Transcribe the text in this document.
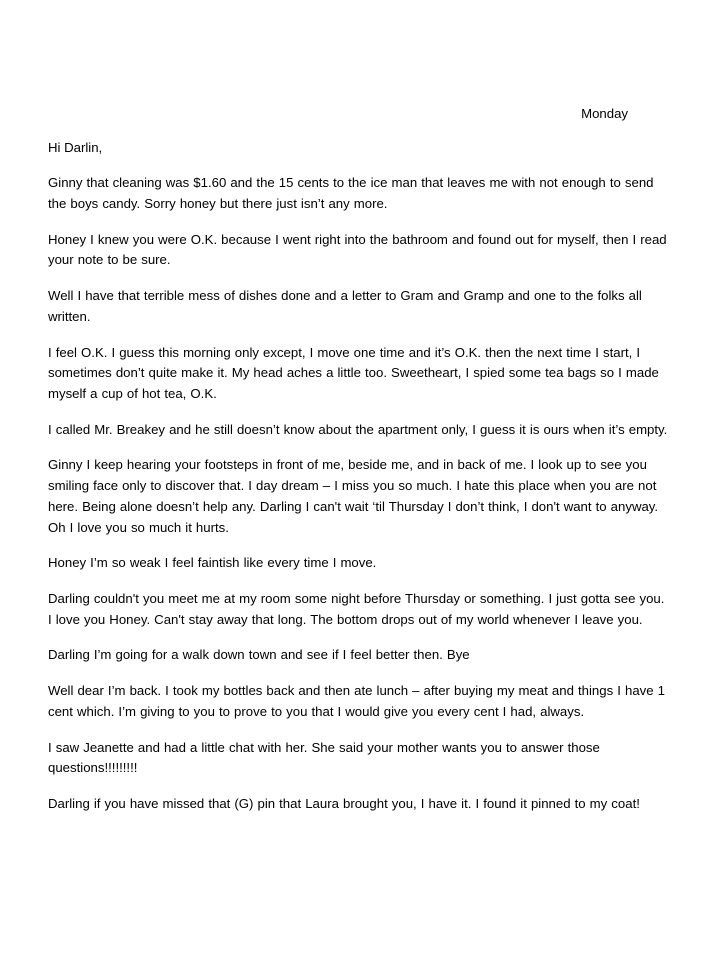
Monday
Hi Darlin,

Ginny that cleaning was $1.60 and the 15 cents to the ice man that leaves me with not enough to send the boys candy. Sorry honey but there just isn’t any more.

Honey I knew you were O.K. because I went right into the bathroom and found out for myself, then I read your note to be sure.

Well I have that terrible mess of dishes done and a letter to Gram and Gramp and one to the folks all written.

I feel O.K. I guess this morning only except, I move one time and it’s O.K. then the next time I start, I sometimes don’t quite make it. My head aches a little too. Sweetheart, I spied some tea bags so I made myself a cup of hot tea, O.K.

I called Mr. Breakey and he still doesn’t know about the apartment only, I guess it is ours when it’s empty.

Ginny I keep hearing your footsteps in front of me, beside me, and in back of me. I look up to see you smiling face only to discover that. I day dream – I miss you so much. I hate this place when you are not here. Being alone doesn’t help any. Darling I can't wait ‘til Thursday I don’t think, I don't want to anyway. Oh I love you so much it hurts.

Honey I’m so weak I feel faintish like every time I move.

Darling couldn't you meet me at my room some night before Thursday or something. I just gotta see you. I love you Honey. Can't stay away that long. The bottom drops out of my world whenever I leave you.

Darling I’m going for a walk down town and see if I feel better then. Bye

Well dear I’m back. I took my bottles back and then ate lunch – after buying my meat and things I have 1 cent which. I’m giving to you to prove to you that I would give you every cent I had, always.

I saw Jeanette and had a little chat with her. She said your mother wants you to answer those questions!!!!!!!!!

Darling if you have missed that (G) pin that Laura brought you, I have it. I found it pinned to my coat!
